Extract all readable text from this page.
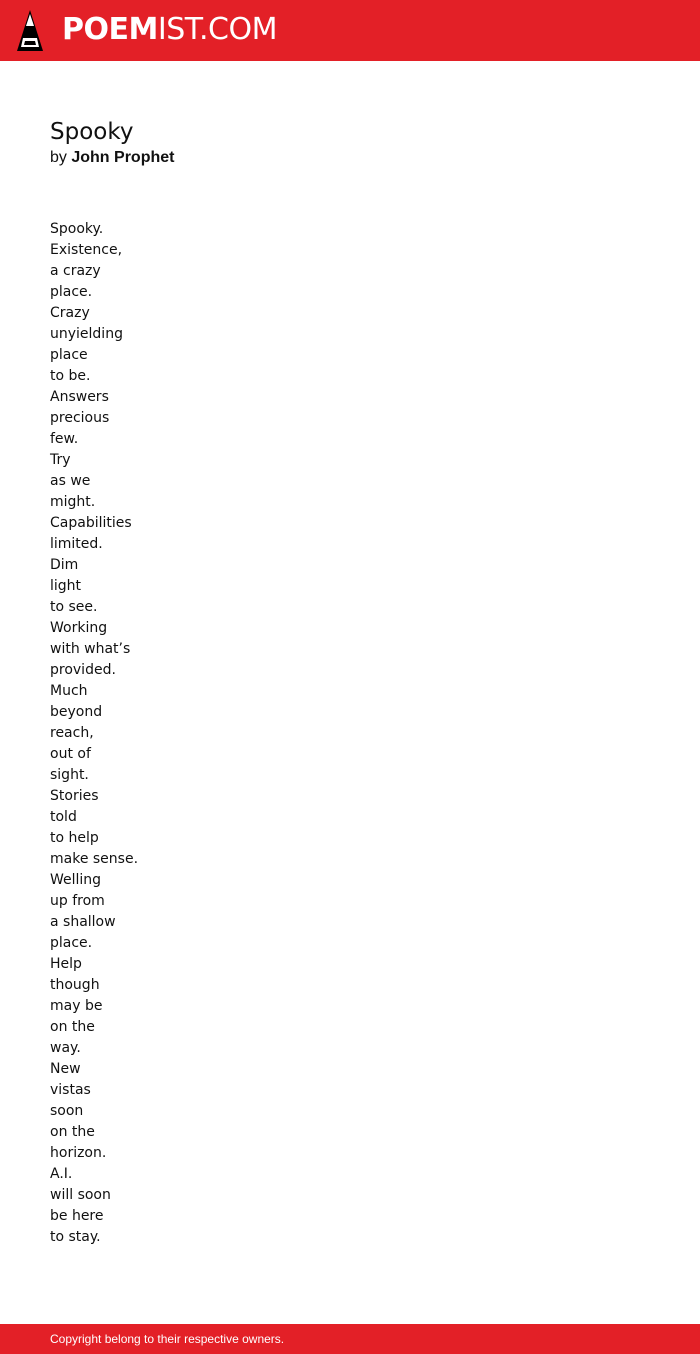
POEMIST.COM
Spooky
by John Prophet
Spooky.
Existence,
a crazy
place.
Crazy
unyielding
place
to be.
Answers
precious
few.
Try
as we
might.
Capabilities
limited.
Dim
light
to see.
Working
with what’s
provided.
Much
beyond
reach,
out of
sight.
Stories
told
to help
make sense.
Welling
up from
a shallow
place.
Help
though
may be
on the
way.
New
vistas
soon
on the
horizon.
A.I.
will soon
be here
to stay.
Copyright belong to their respective owners.
